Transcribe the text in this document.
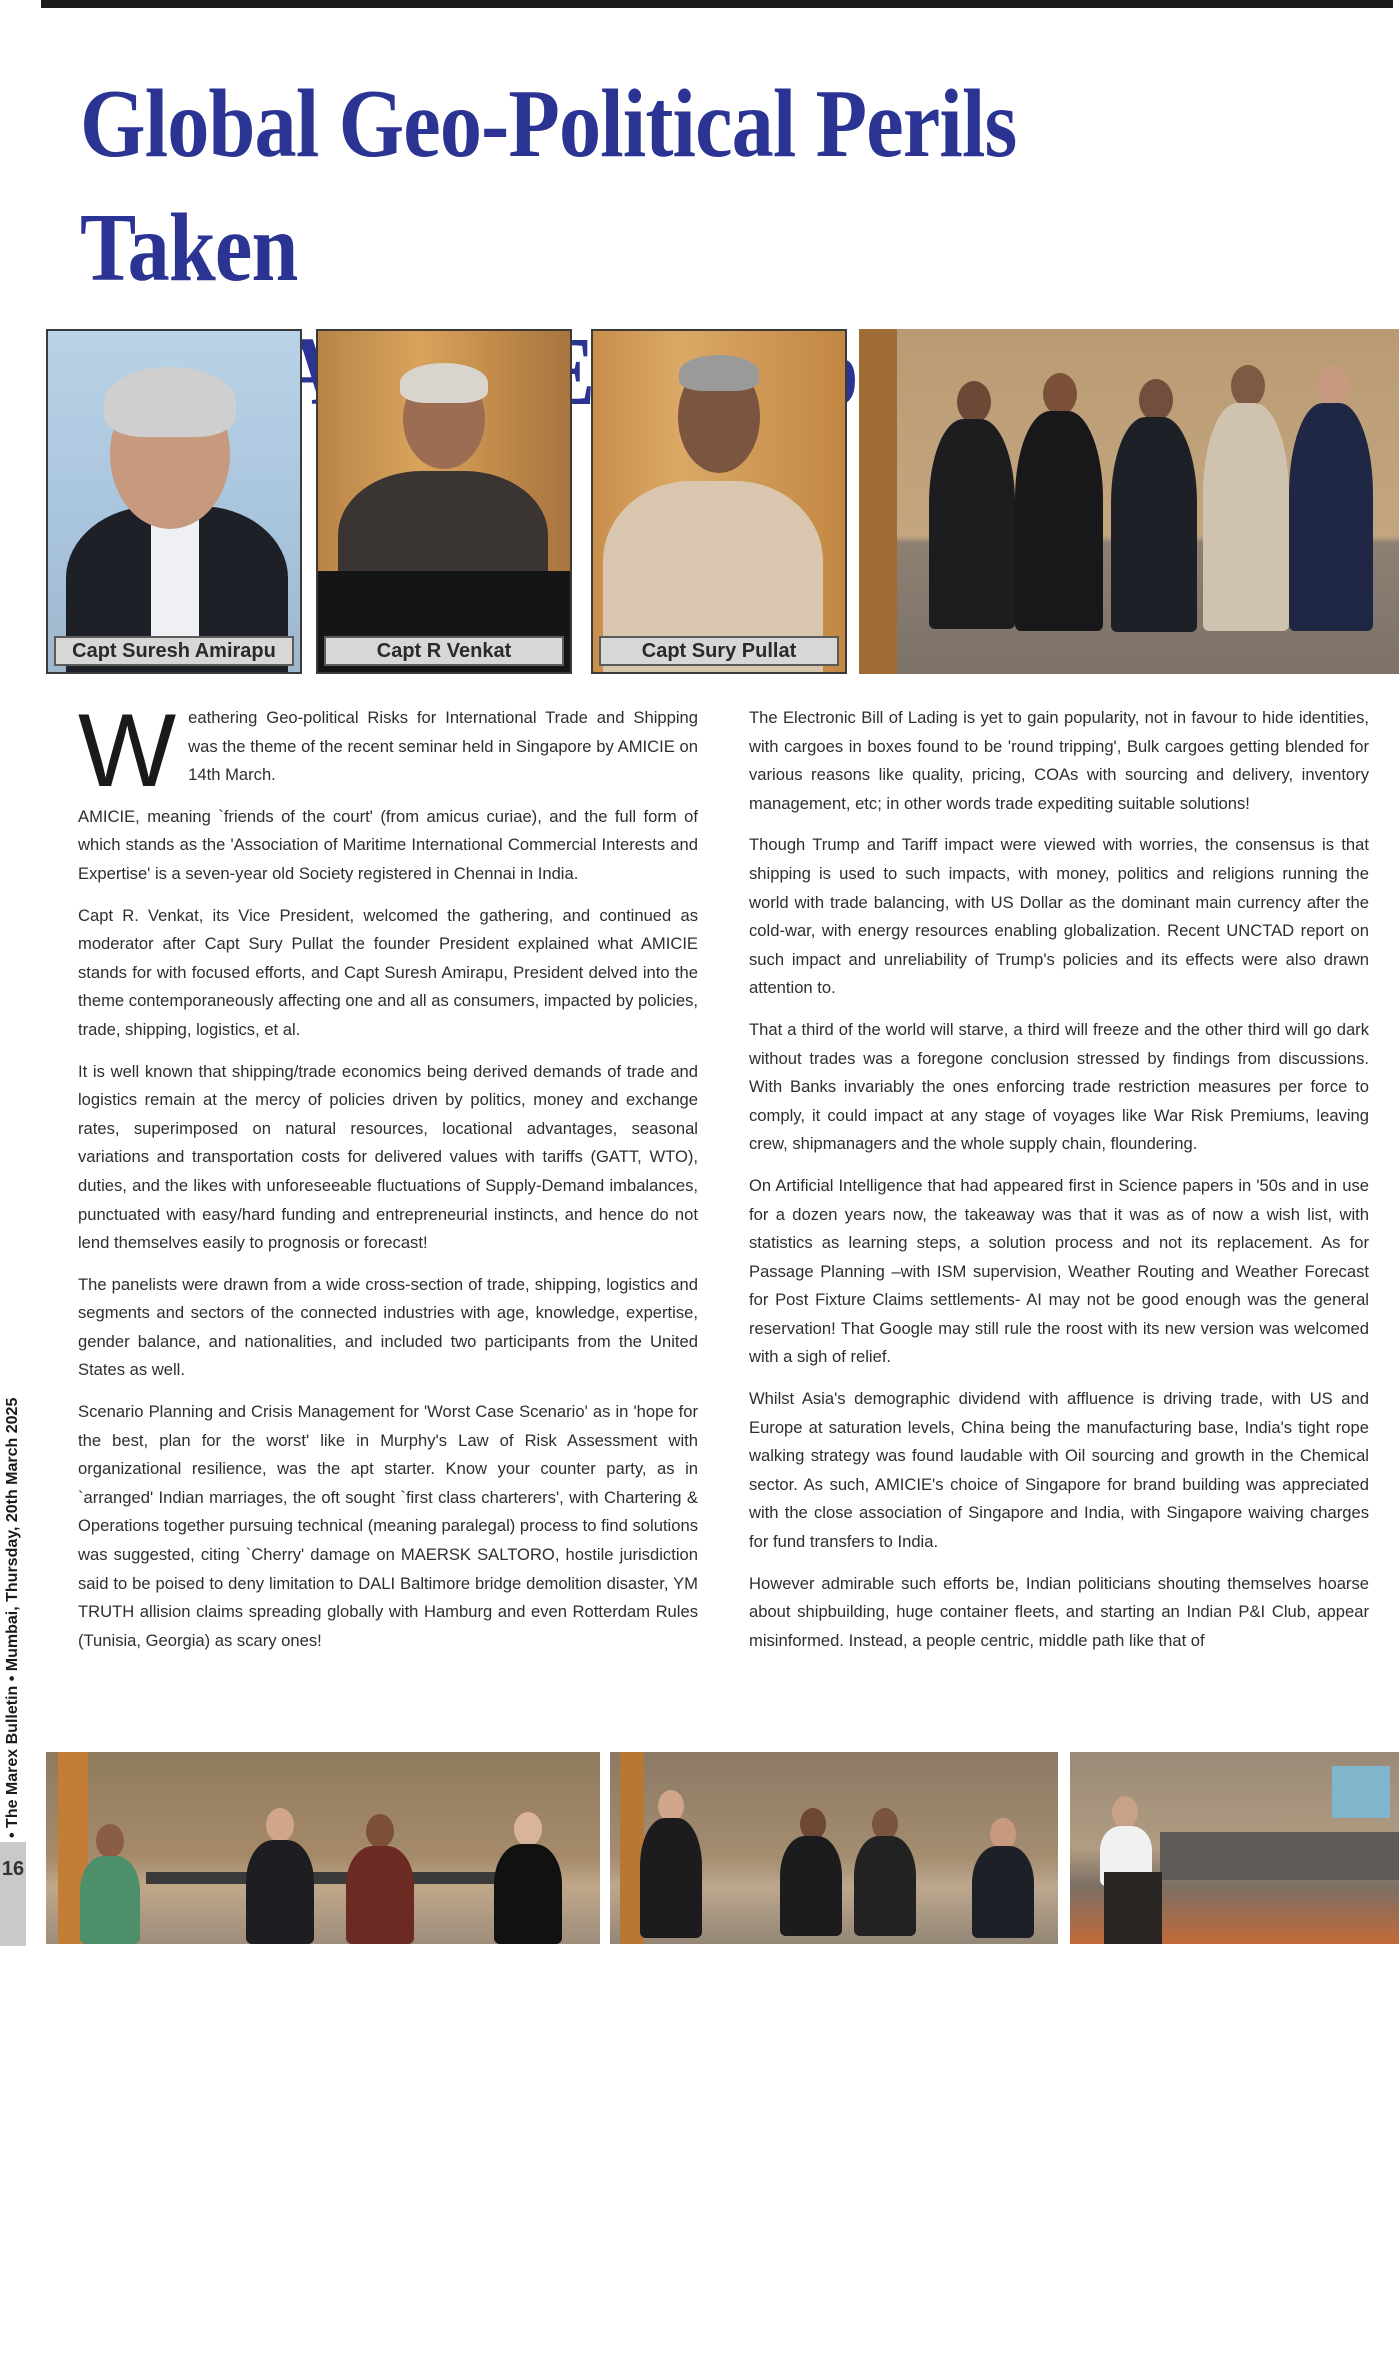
Global Geo-Political Perils Taken

Capt Suresh Amirapu	Capt R Venkat	Capt Sury Pullat

Weathering Geo-political Risks for International Trade and Shipping was the theme of the recent seminar held in Singapore by AMICIE on 14th March.

AMICIE, meaning `friends of the court' (from amicus curiae), and the full form of which stands as the 'Association of Maritime International Commercial Interests and Expertise' is a seven-year old Society registered in Chennai in India.

Capt R. Venkat, its Vice President, welcomed the gathering, and continued as moderator after Capt Sury Pullat the founder President explained what AMICIE stands for with focused efforts, and Capt Suresh Amirapu, President delved into the theme contemporaneously affecting one and all as consumers, impacted by policies, trade, shipping, logistics, et al.

It is well known that shipping/trade economics being derived demands of trade and logistics remain at the mercy of policies driven by politics, money and exchange rates, superimposed on natural resources, locational advantages, seasonal variations and transportation costs for delivered values with tariffs (GATT, WTO), duties, and the likes with unforeseeable fluctuations of Supply-Demand imbalances, punctuated with easy/hard funding and entrepreneurial instincts, and hence do not lend themselves easily to prognosis or forecast!

The panelists were drawn from a wide cross-section of trade, shipping, logistics and segments and sectors of the connected industries with age, knowledge, expertise, gender balance, and nationalities, and included two participants from the United States as well.

Scenario Planning and Crisis Management for 'Worst Case Scenario' as in 'hope for the best, plan for the worst' like in Murphy's Law of Risk Assessment with organizational resilience, was the apt starter. Know your counter party, as in `arranged' Indian marriages, the oft sought `first class charterers', with Chartering & Operations together pursuing technical (meaning paralegal) process to find solutions was suggested, citing `Cherry' damage on MAERSK SALTORO, hostile jurisdiction said to be poised to deny limitation to DALI Baltimore bridge demolition disaster, YM TRUTH allision claims spreading globally with Hamburg and even Rotterdam Rules (Tunisia, Georgia) as scary ones!

The Electronic Bill of Lading is yet to gain popularity, not in favour to hide identities, with cargoes in boxes found to be 'round tripping', Bulk cargoes getting blended for various reasons like quality, pricing, COAs with sourcing and delivery, inventory management, etc; in other words trade expediting suitable solutions!

Though Trump and Tariff impact were viewed with worries, the consensus is that shipping is used to such impacts, with money, politics and religions running the world with trade balancing, with US Dollar as the dominant main currency after the cold-war, with energy resources enabling globalization. Recent UNCTAD report on such impact and unreliability of Trump's policies and its effects were also drawn attention to.

That a third of the world will starve, a third will freeze and the other third will go dark without trades was a foregone conclusion stressed by findings from discussions. With Banks invariably the ones enforcing trade restriction measures per force to comply, it could impact at any stage of voyages like War Risk Premiums, leaving crew, shipmanagers and the whole supply chain, floundering.

On Artificial Intelligence that had appeared first in Science papers in '50s and in use for a dozen years now, the takeaway was that it was as of now a wish list, with statistics as learning steps, a solution process and not its replacement. As for Passage Planning –with ISM supervision, Weather Routing and Weather Forecast for Post Fixture Claims settlements- AI may not be good enough was the general reservation! That Google may still rule the roost with its new version was welcomed with a sigh of relief.

Whilst Asia's demographic dividend with affluence is driving trade, with US and Europe at saturation levels, China being the manufacturing base, India's tight rope walking strategy was found laudable with Oil sourcing and growth in the Chemical sector. As such, AMICIE's choice of Singapore for brand building was appreciated with the close association of Singapore and India, with Singapore waiving charges for fund transfers to India.

However admirable such efforts be, Indian politicians shouting themselves hoarse about shipbuilding, huge container fleets, and starting an Indian P&I Club, appear misinformed. Instead, a people centric, middle path like that of

16
• The Marex Bulletin • Mumbai, Thursday, 20th March 2025
